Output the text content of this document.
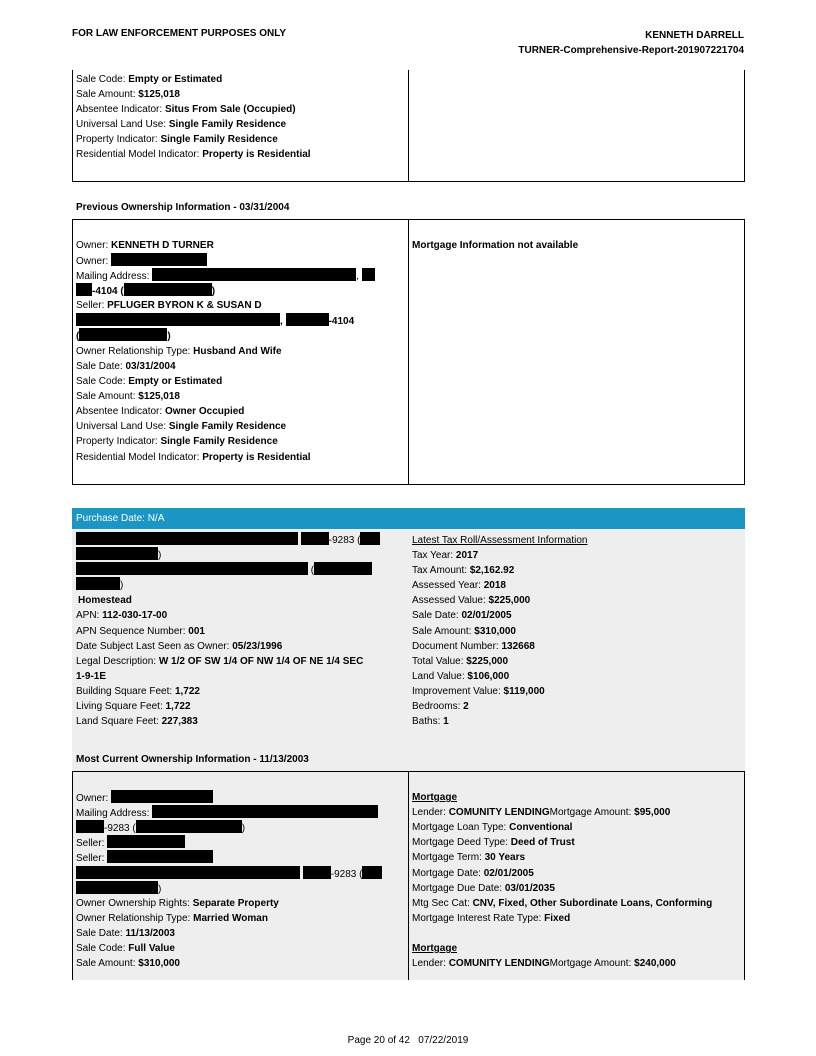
FOR LAW ENFORCEMENT PURPOSES ONLY	KENNETH DARRELL
TURNER-Comprehensive-Report-201907221704
Sale Code: Empty or Estimated
Sale Amount: $125,018
Absentee Indicator: Situs From Sale (Occupied)
Universal Land Use: Single Family Residence
Property Indicator: Single Family Residence
Residential Model Indicator: Property is Residential
Previous Ownership Information - 03/31/2004
Owner: KENNETH D TURNER
Owner:
Mailing Address:	,
-4104 (	)
Seller: PFLUGER BYRON K & SUSAN D
,	-4104
(	)
Owner Relationship Type: Husband And Wife
Sale Date: 03/31/2004
Sale Code: Empty or Estimated
Sale Amount: $125,018
Absentee Indicator: Owner Occupied
Universal Land Use: Single Family Residence
Property Indicator: Single Family Residence
Residential Model Indicator: Property is Residential
Mortgage Information not available
Purchase Date: N/A
-9283 (
)
(
)
Homestead
APN: 112-030-17-00
APN Sequence Number: 001
Date Subject Last Seen as Owner: 05/23/1996
Legal Description: W 1/2 OF SW 1/4 OF NW 1/4 OF NE 1/4 SEC
1-9-1E
Building Square Feet: 1,722
Living Square Feet: 1,722
Land Square Feet: 227,383
Latest Tax Roll/Assessment Information
Tax Year: 2017
Tax Amount: $2,162.92
Assessed Year: 2018
Assessed Value: $225,000
Sale Date: 02/01/2005
Sale Amount: $310,000
Document Number: 132668
Total Value: $225,000
Land Value: $106,000
Improvement Value: $119,000
Bedrooms: 2
Baths: 1
Most Current Ownership Information - 11/13/2003
Owner:
Mailing Address:
-9283 (	)
Seller:
Seller:
-9283 (
)
Owner Ownership Rights: Separate Property
Owner Relationship Type: Married Woman
Sale Date: 11/13/2003
Sale Code: Full Value
Sale Amount: $310,000
Mortgage
Lender: COMUNITY LENDINGMortgage Amount: $95,000
Mortgage Loan Type: Conventional
Mortgage Deed Type: Deed of Trust
Mortgage Term: 30 Years
Mortgage Date: 02/01/2005
Mortgage Due Date: 03/01/2035
Mtg Sec Cat: CNV, Fixed, Other Subordinate Loans, Conforming
Mortgage Interest Rate Type: Fixed
Mortgage
Lender: COMUNITY LENDINGMortgage Amount: $240,000
Page 20 of 42   07/22/2019
